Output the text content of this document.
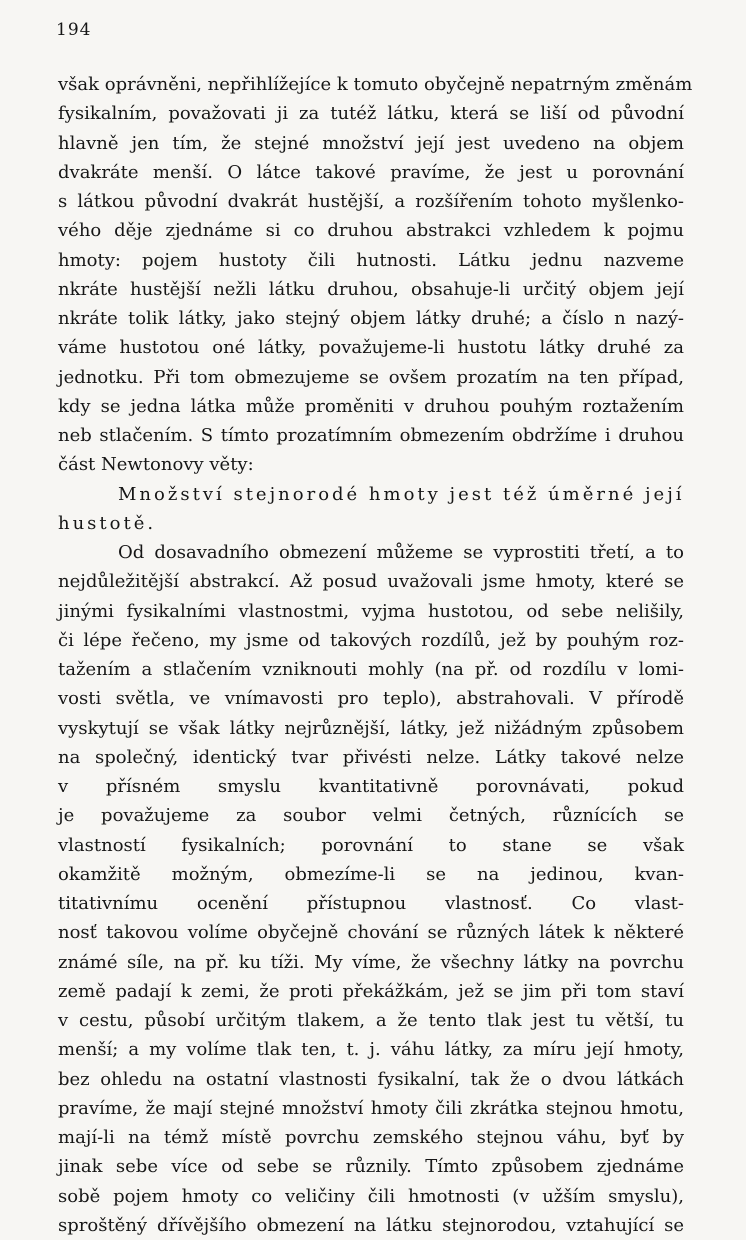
194
však oprávněni, nepřihlížejíce k tomuto obyčejně nepatrným změnám
fysikalním, považovati ji za tutéž látku, která se liší od původní
hlavně jen tím, že stejné množství její jest uvedeno na objem
dvakráte menší. O látce takové pravíme, že jest u porovnání
s látkou původní dvakrát hustější, a rozšířením tohoto myšlenko-
vého děje zjednáme si co druhou abstrakci vzhledem k pojmu
hmoty: pojem hustoty čili hutnosti. Látku jednu nazveme
nkráte hustější nežli látku druhou, obsahuje-li určitý objem její
nkráte tolik látky, jako stejný objem látky druhé; a číslo n nazý-
váme hustotou oné látky, považujeme-li hustotu látky druhé za
jednotku. Při tom obmezujeme se ovšem prozatím na ten případ,
kdy se jedna látka může proměniti v druhou pouhým roztažením
neb stlačením. S tímto prozatímním obmezením obdržíme i druhou
část Newtonovy věty:
Množství stejnorodé hmoty jest též úměrné její
hustotě.
Od dosavadního obmezení můžeme se vyprostiti třetí, a to
nejdůležitější abstrakcí. Až posud uvažovali jsme hmoty, které se
jinými fysikalními vlastnostmi, vyjma hustotou, od sebe nelišily,
či lépe řečeno, my jsme od takových rozdílů, jež by pouhým roz-
tažením a stlačením vzniknouti mohly (na př. od rozdílu v lomi-
vosti světla, ve vnímavosti pro teplo), abstrahovali. V přírodě
vyskytují se však látky nejrůznější, látky, jež nižádným způsobem
na společný, identický tvar přivésti nelze. Látky takové nelze
v přísném smyslu kvantitativně porovnávati, pokud
je považujeme za soubor velmi četných, různících se
vlastností fysikalních; porovnání to stane se však
okamžitě možným, obmezíme-li se na jedinou, kvan-
titativnímu ocenění přístupnou vlastnosť. Co vlast-
nosť takovou volíme obyčejně chování se různých látek k některé
známé síle, na př. ku tíži. My víme, že všechny látky na povrchu
země padají k zemi, že proti překážkám, jež se jim při tom staví
v cestu, působí určitým tlakem, a že tento tlak jest tu větší, tu
menší; a my volíme tlak ten, t. j. váhu látky, za míru její hmoty,
bez ohledu na ostatní vlastnosti fysikalní, tak že o dvou látkách
pravíme, že mají stejné množství hmoty čili zkrátka stejnou hmotu,
mají-li na témž místě povrchu zemského stejnou váhu, byť by
jinak sebe více od sebe se různily. Tímto způsobem zjednáme
sobě pojem hmoty co veličiny čili hmotnosti (v užším smyslu),
sproštěný dřívějšího obmezení na látku stejnorodou, vztahující se
